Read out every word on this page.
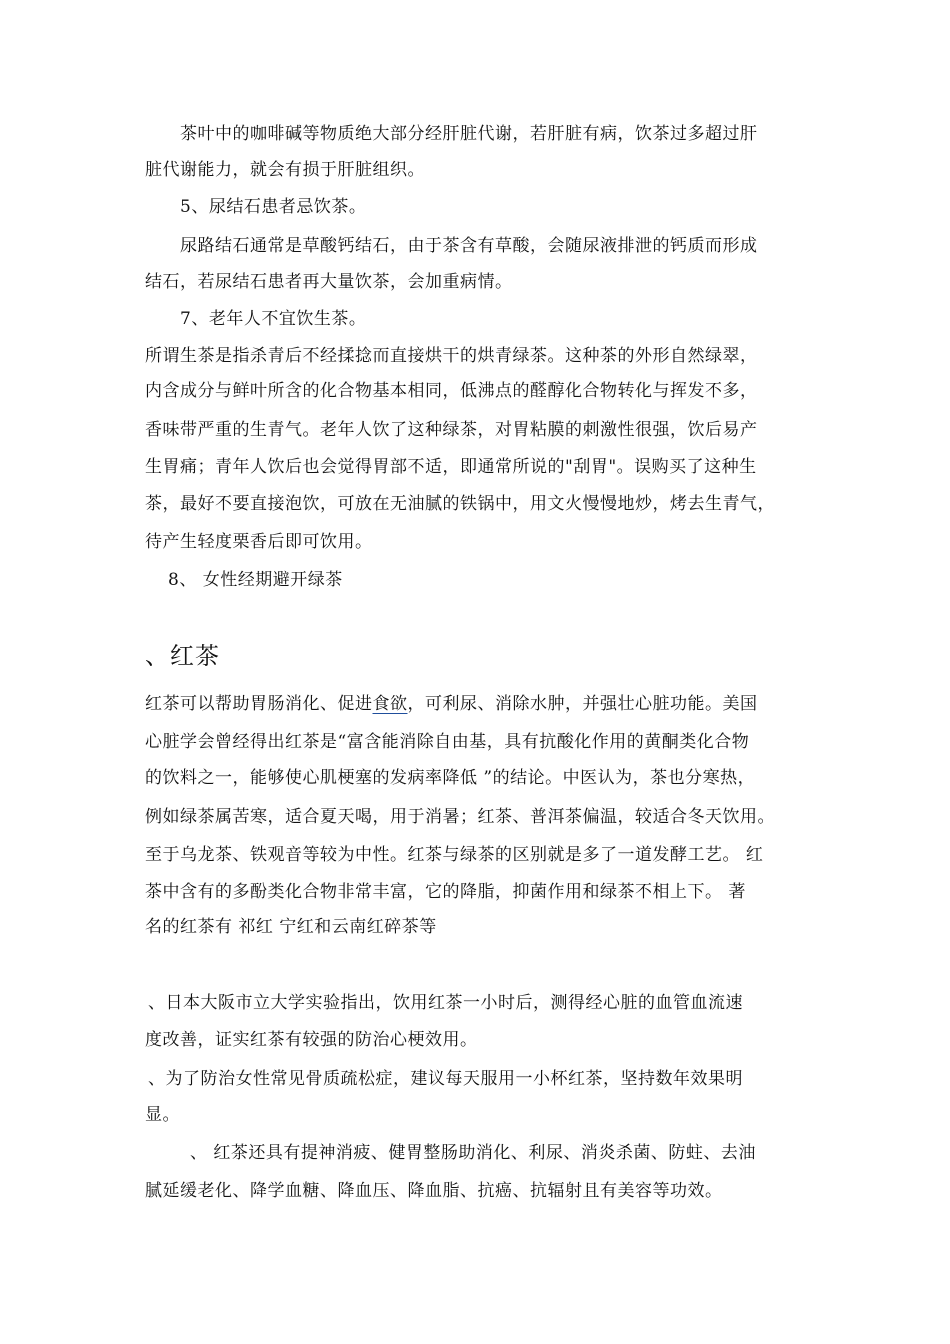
茶叶中的咖啡碱等物质绝大部分经肝脏代谢，若肝脏有病，饮茶过多超过肝
脏代谢能力，就会有损于肝脏组织。
5、尿结石患者忌饮茶。
尿路结石通常是草酸钙结石，由于茶含有草酸，会随尿液排泄的钙质而形成
结石，若尿结石患者再大量饮茶，会加重病情。
7、老年人不宜饮生茶。
所谓生茶是指杀青后不经揉捻而直接烘干的烘青绿茶。这种茶的外形自然绿翠，
内含成分与鲜叶所含的化合物基本相同，低沸点的醛醇化合物转化与挥发不多，
香味带严重的生青气。老年人饮了这种绿茶，对胃粘膜的刺激性很强，饮后易产
生胃痛；青年人饮后也会觉得胃部不适，即通常所说的"刮胃"。误购买了这种生
茶，最好不要直接泡饮，可放在无油腻的铁锅中，用文火慢慢地炒，烤去生青气，
待产生轻度栗香后即可饮用。
8、 女性经期避开绿茶
、红茶
红茶可以帮助胃肠消化、促进食欲，可利尿、消除水肿，并强壮心脏功能。美国
心脏学会曾经得出红茶是“富含能消除自由基，具有抗酸化作用的黄酮类化合物
的饮料之一，能够使心肌梗塞的发病率降低 ”的结论。中医认为，茶也分寒热，
例如绿茶属苦寒，适合夏天喝，用于消暑；红茶、普洱茶偏温，较适合冬天饮用。
至于乌龙茶、铁观音等较为中性。红茶与绿茶的区别就是多了一道发酵工艺。 红
茶中含有的多酚类化合物非常丰富，它的降脂，抑菌作用和绿茶不相上下。 著
名的红茶有 祁红 宁红和云南红碎茶等
、日本大阪市立大学实验指出，饮用红茶一小时后，测得经心脏的血管血流速
度改善，证实红茶有较强的防治心梗效用。
、为了防治女性常见骨质疏松症，建议每天服用一小杯红茶，坚持数年效果明
显。
、 红茶还具有提神消疲、健胃整肠助消化、利尿、消炎杀菌、防蛀、去油
腻延缓老化、降学血糖、降血压、降血脂、抗癌、抗辐射且有美容等功效。
